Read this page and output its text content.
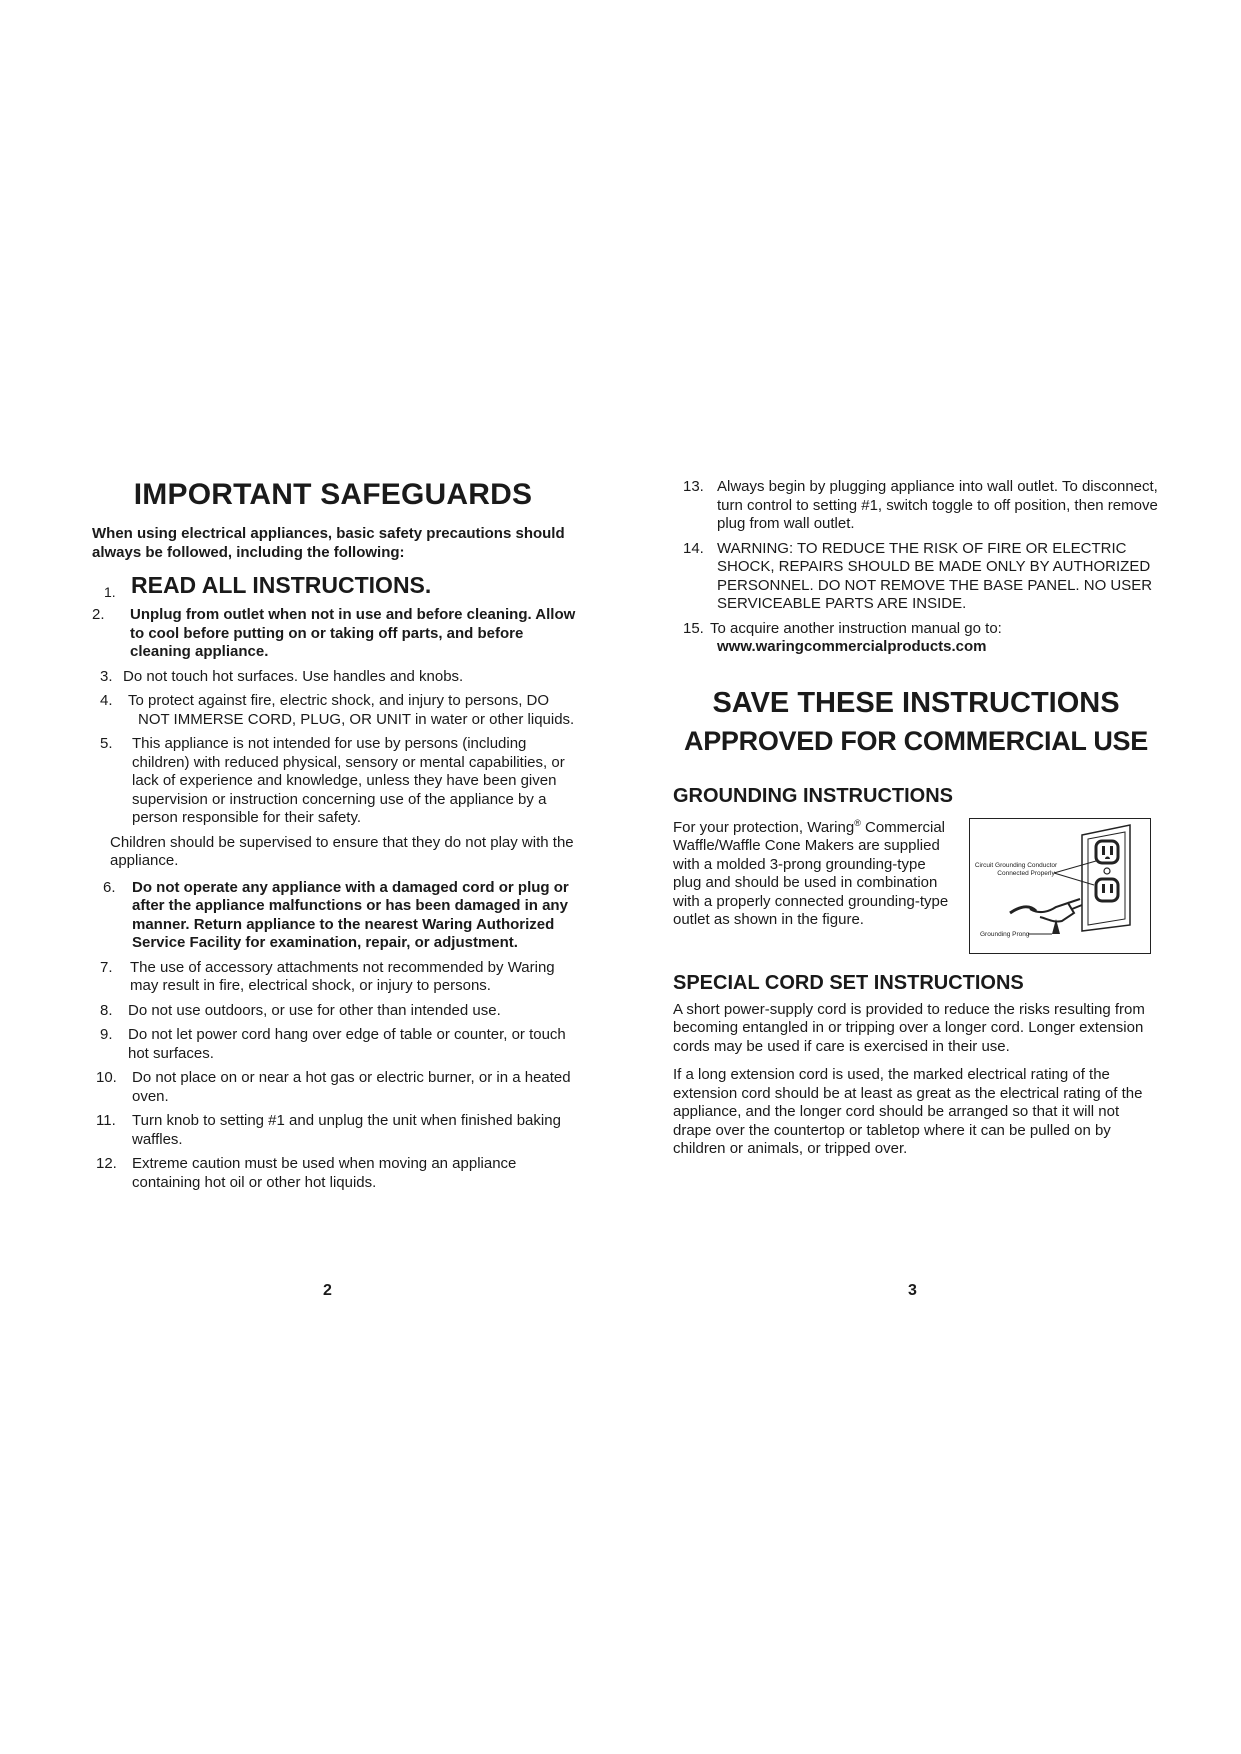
IMPORTANT SAFEGUARDS
When using electrical appliances, basic safety precautions should always be followed, including the following:
1. READ ALL INSTRUCTIONS.
2. Unplug from outlet when not in use and before cleaning. Allow to cool before putting on or taking off parts, and before cleaning appliance.
3. Do not touch hot surfaces. Use handles and knobs.
4. To protect against fire, electric shock, and injury to persons, DO NOT IMMERSE CORD, PLUG, OR UNIT in water or other liquids.
5. This appliance is not intended for use by persons (including children) with reduced physical, sensory or mental capabilities, or lack of experience and knowledge, unless they have been given supervision or instruction concerning use of the appliance by a person responsible for their safety.
Children should be supervised to ensure that they do not play with the appliance.
6. Do not operate any appliance with a damaged cord or plug or after the appliance malfunctions or has been damaged in any manner. Return appliance to the nearest Waring Authorized Service Facility for examination, repair, or adjustment.
7. The use of accessory attachments not recommended by Waring may result in fire, electrical shock, or injury to persons.
8. Do not use outdoors, or use for other than intended use.
9. Do not let power cord hang over edge of table or counter, or touch hot surfaces.
10. Do not place on or near a hot gas or electric burner, or in a heated oven.
11. Turn knob to setting #1 and unplug the unit when finished baking waffles.
12. Extreme caution must be used when moving an appliance containing hot oil or other hot liquids.
2
13. Always begin by plugging appliance into wall outlet. To disconnect, turn control to setting #1, switch toggle to off position, then remove plug from wall outlet.
14. WARNING: TO REDUCE THE RISK OF FIRE OR ELECTRIC SHOCK, REPAIRS SHOULD BE MADE ONLY BY AUTHORIZED PERSONNEL. DO NOT REMOVE THE BASE PANEL. NO USER SERVICEABLE PARTS ARE INSIDE.
15. To acquire another instruction manual go to:
www.waringcommercialproducts.com
SAVE THESE INSTRUCTIONS
APPROVED FOR COMMERCIAL USE
GROUNDING INSTRUCTIONS
For your protection, Waring® Commercial Waffle/Waffle Cone Makers are supplied with a molded 3-prong grounding-type plug and should be used in combination with a properly connected grounding-type outlet as shown in the figure.
Circuit Grounding Conductor
Connected Properly
Grounding Prong
SPECIAL CORD SET INSTRUCTIONS
A short power-supply cord is provided to reduce the risks resulting from becoming entangled in or tripping over a longer cord. Longer extension cords may be used if care is exercised in their use.
If a long extension cord is used, the marked electrical rating of the extension cord should be at least as great as the electrical rating of the appliance, and the longer cord should be arranged so that it will not drape over the countertop or tabletop where it can be pulled on by children or animals, or tripped over.
3
